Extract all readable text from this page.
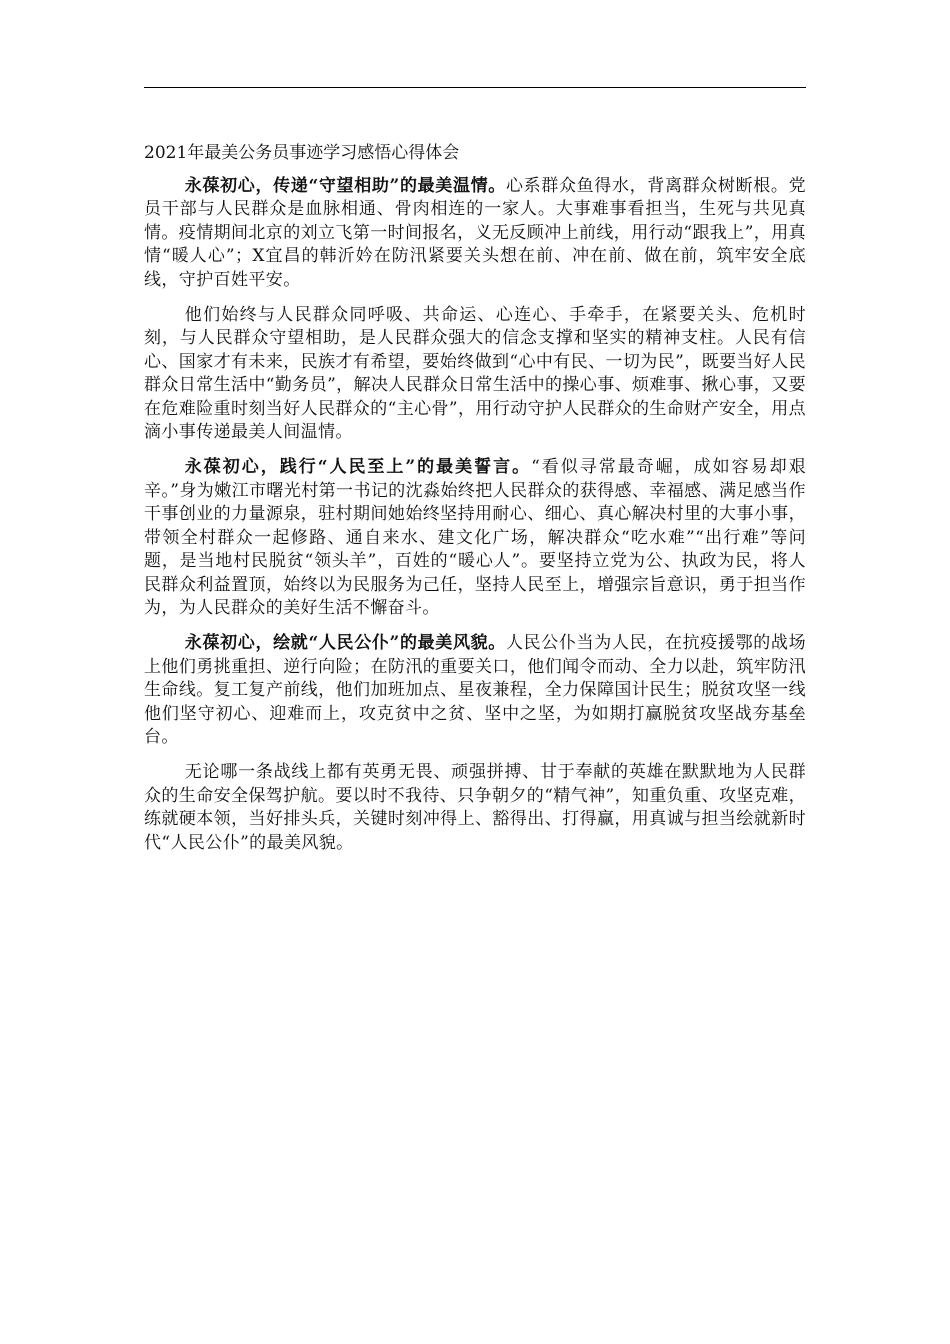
2021年最美公务员事迹学习感悟心得体会

永葆初心，传递“守望相助”的最美温情。心系群众鱼得水，背离群众树断根。党员干部与人民群众是血脉相通、骨肉相连的一家人。大事难事看担当，生死与共见真情。疫情期间北京的刘立飞第一时间报名，义无反顾冲上前线，用行动“跟我上”，用真情“暖人心”；X宜昌的韩沂妗在防汛紧要关头想在前、冲在前、做在前，筑牢安全底线，守护百姓平安。

他们始终与人民群众同呼吸、共命运、心连心、手牵手，在紧要关头、危机时刻，与人民群众守望相助，是人民群众强大的信念支撑和坚实的精神支柱。人民有信心、国家才有未来，民族才有希望，要始终做到“心中有民、一切为民”，既要当好人民群众日常生活中“勤务员”，解决人民群众日常生活中的操心事、烦难事、揪心事，又要在危难险重时刻当好人民群众的“主心骨”，用行动守护人民群众的生命财产安全，用点滴小事传递最美人间温情。

永葆初心，践行“人民至上”的最美誓言。“看似寻常最奇崛，成如容易却艰辛。”身为嫩江市曙光村第一书记的沈淼始终把人民群众的获得感、幸福感、满足感当作干事创业的力量源泉，驻村期间她始终坚持用耐心、细心、真心解决村里的大事小事，带领全村群众一起修路、通自来水、建文化广场，解决群众“吃水难”“出行难”等问题，是当地村民脱贫“领头羊”，百姓的“暖心人”。要坚持立党为公、执政为民，将人民群众利益置顶，始终以为民服务为己任，坚持人民至上，增强宗旨意识，勇于担当作为，为人民群众的美好生活不懈奋斗。

永葆初心，绘就“人民公仆”的最美风貌。人民公仆当为人民，在抗疫援鄂的战场上他们勇挑重担、逆行向险；在防汛的重要关口，他们闻令而动、全力以赴，筑牢防汛生命线。复工复产前线，他们加班加点、星夜兼程，全力保障国计民生；脱贫攻坚一线他们坚守初心、迎难而上，攻克贫中之贫、坚中之坚，为如期打赢脱贫攻坚战夯基垒台。

无论哪一条战线上都有英勇无畏、顽强拼搏、甘于奉献的英雄在默默地为人民群众的生命安全保驾护航。要以时不我待、只争朝夕的“精气神”，知重负重、攻坚克难，练就硬本领，当好排头兵，关键时刻冲得上、豁得出、打得赢，用真诚与担当绘就新时代“人民公仆”的最美风貌。
